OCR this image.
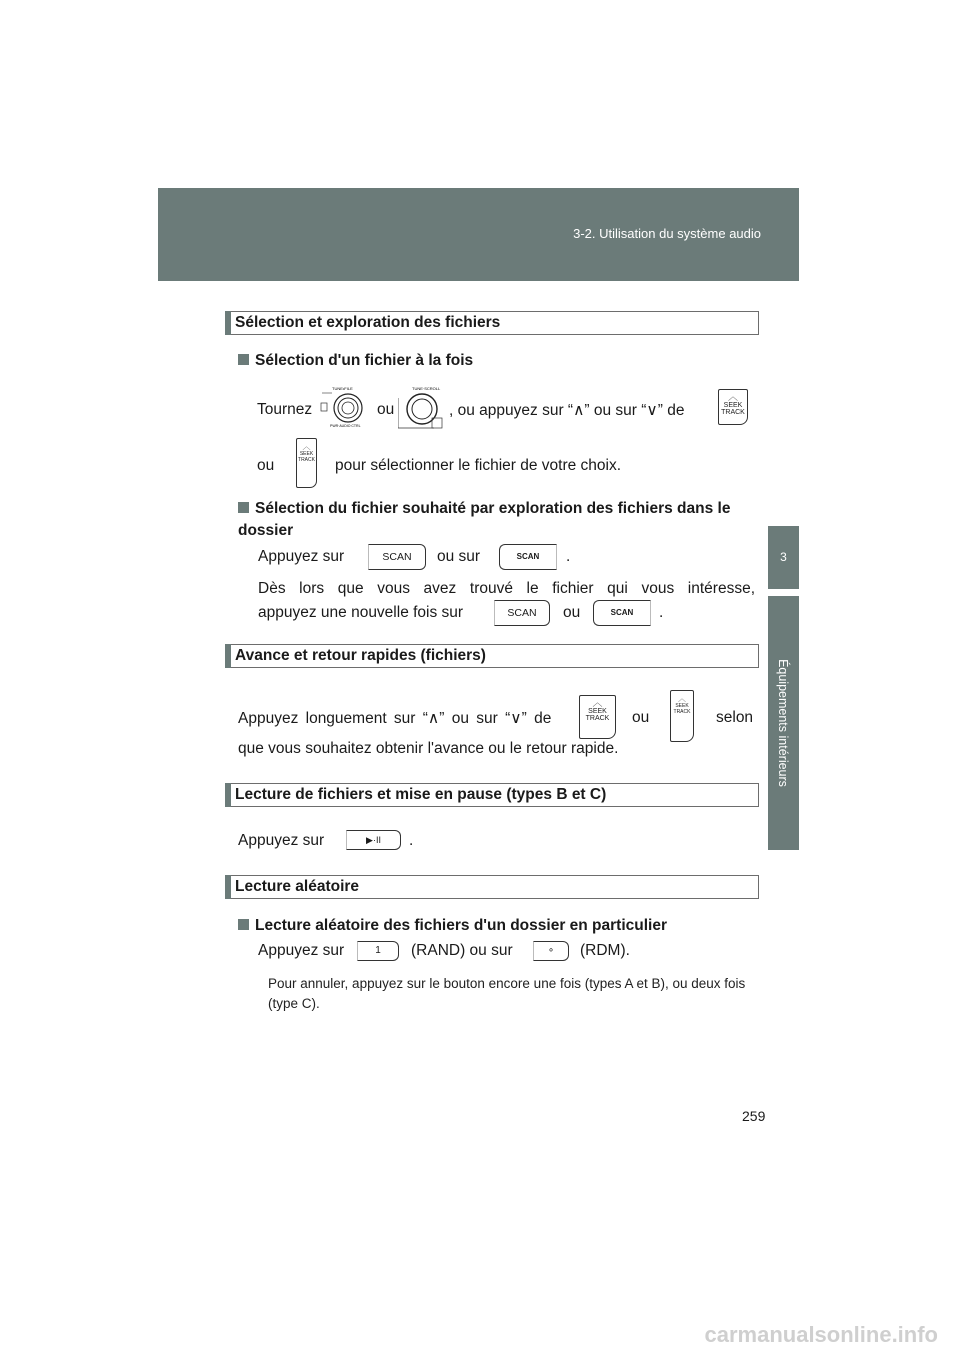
3-2. Utilisation du système audio
3
Équipements intérieurs
Sélection et exploration des fichiers
Sélection d'un fichier à la fois
Tournez
TUNE•FILE
PWR·AUDIO CTRL
ou
TUNE·SCROLL
, ou appuyez sur “∧” ou sur “∨” de
︿
SEEK
TRACK
ou
︿
SEEK
TRACK pour sélectionner le fichier de votre choix.
Sélection du fichier souhaité par exploration des fichiers dans le dossier
Appuyez sur	SCAN	ou sur	SCAN	.
Dès lors que vous avez trouvé le fichier qui vous intéresse,
appuyez une nouvelle fois sur	SCAN	ou	SCAN	.
Avance et retour rapides (fichiers)
Appuyez longuement sur “∧” ou sur “∨” de
︿
SEEK
TRACK	ou
︿
SEEK
TRACK selon
que vous souhaitez obtenir l'avance ou le retour rapide.
Lecture de fichiers et mise en pause (types B et C)
Appuyez sur	▶·II	.
Lecture aléatoire
Lecture aléatoire des fichiers d'un dossier en particulier
Appuyez sur	1	(RAND) ou sur	∘	(RDM).
Pour annuler, appuyez sur le bouton encore une fois (types A et B), ou deux fois (type C).
259
carmanualsonline.info
